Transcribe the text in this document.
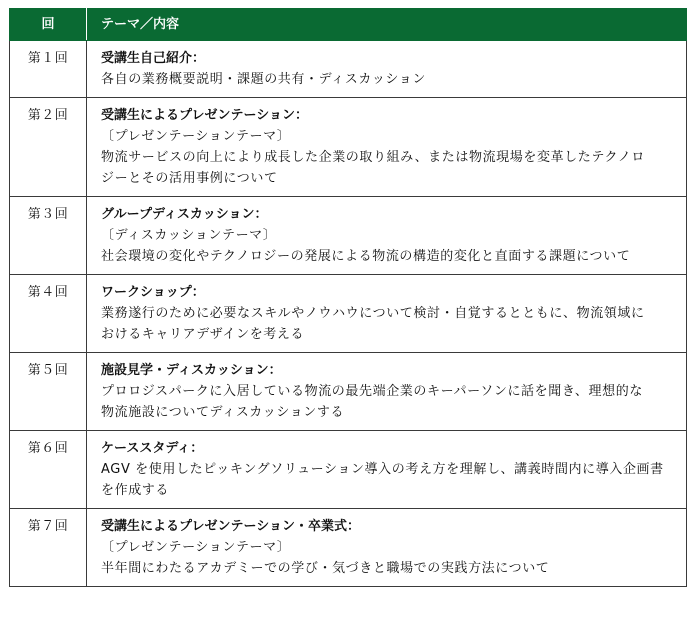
回	テーマ／内容
第１回	受講生自己紹介：
各自の業務概要説明・課題の共有・ディスカッション

第２回	受講生によるプレゼンテーション：
〔プレゼンテーションテーマ〕
物流サービスの向上により成長した企業の取り組み、または物流現場を変革したテクノロ
ジーとその活用事例について

第３回	グループディスカッション：
〔ディスカッションテーマ〕
社会環境の変化やテクノロジーの発展による物流の構造的変化と直面する課題について

第４回	ワークショップ：
業務遂行のために必要なスキルやノウハウについて検討・自覚するとともに、物流領域に
おけるキャリアデザインを考える

第５回	施設見学・ディスカッション：
プロロジスパークに入居している物流の最先端企業のキーパーソンに話を聞き、理想的な
物流施設についてディスカッションする

第６回	ケーススタディ：
AGV を使用したピッキングソリューション導入の考え方を理解し、講義時間内に導入企画書
を作成する

第７回	受講生によるプレゼンテーション・卒業式：
〔プレゼンテーションテーマ〕
半年間にわたるアカデミーでの学び・気づきと職場での実践方法について
